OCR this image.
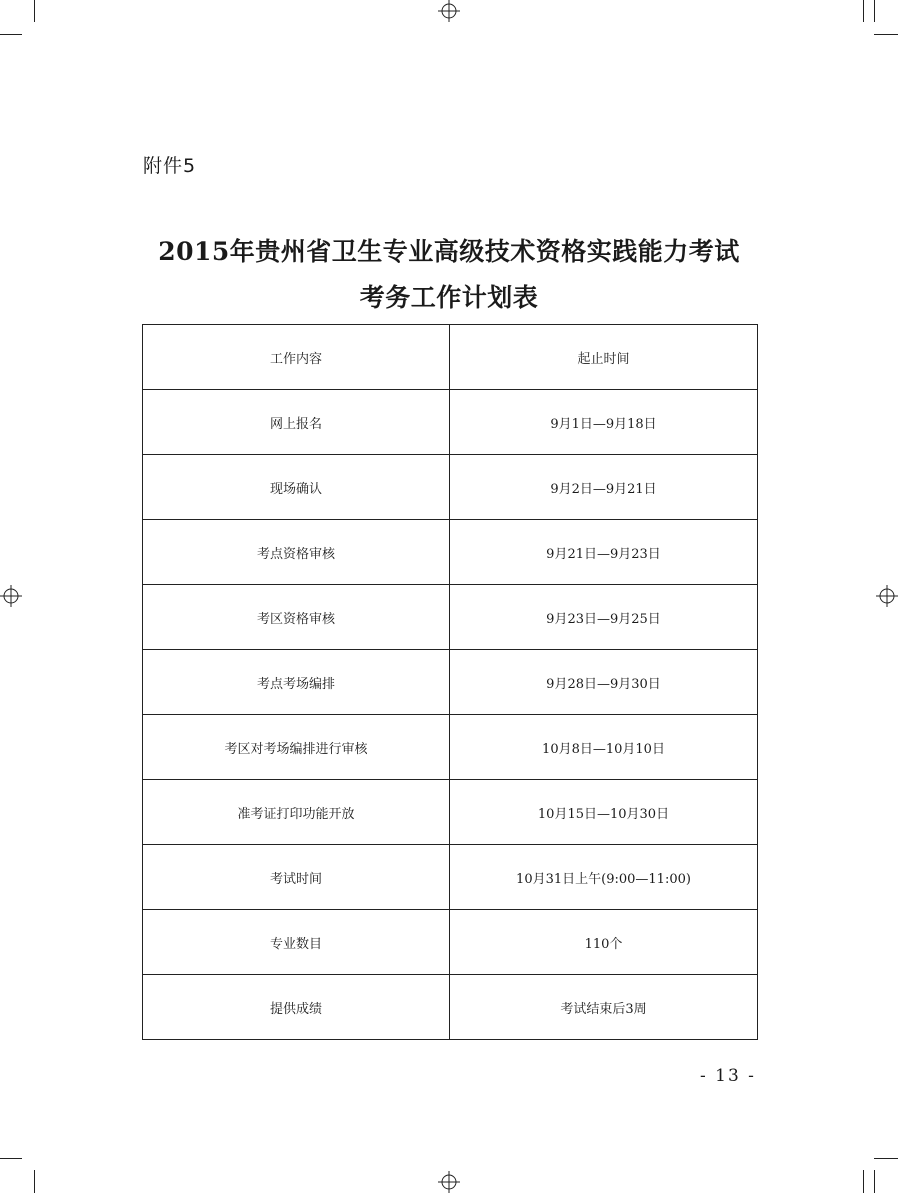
附件5
2015年贵州省卫生专业高级技术资格实践能力考试
考务工作计划表
工作内容	起止时间
网上报名	9月1日—9月18日
现场确认	9月2日—9月21日
考点资格审核	9月21日—9月23日
考区资格审核	9月23日—9月25日
考点考场编排	9月28日—9月30日
考区对考场编排进行审核	10月8日—10月10日
准考证打印功能开放	10月15日—10月30日
考试时间	10月31日上午(9:00—11:00)
专业数目	110个
提供成绩	考试结束后3周
- 13 -
